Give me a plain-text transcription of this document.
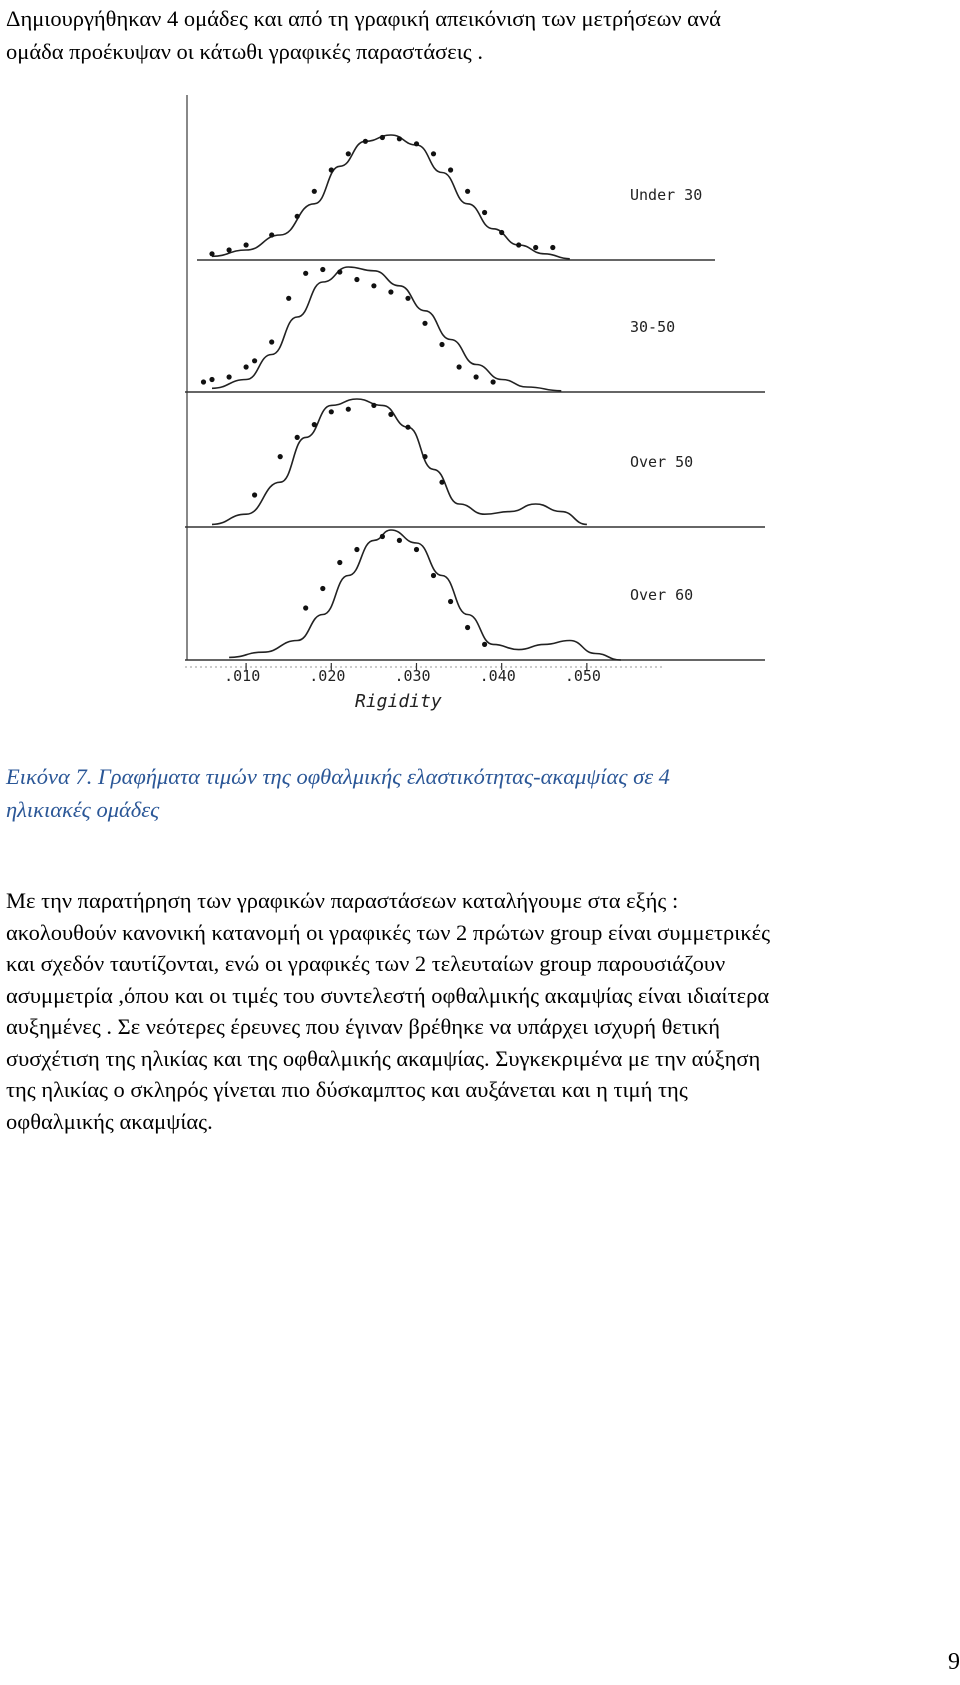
Δημιουργήθηκαν 4 ομάδες και από τη γραφική απεικόνιση των μετρήσεων ανά
ομάδα προέκυψαν οι κάτωθι γραφικές παραστάσεις .

Under 30
30-50
Over 50
Over 60
.010	.020	.030	.040	.050
Rigidity

Εικόνα 7. Γραφήματα τιμών της οφθαλμικής ελαστικότητας-ακαμψίας σε 4
ηλικιακές ομάδες

Με την παρατήρηση των γραφικών παραστάσεων καταλήγουμε στα εξής :
ακολουθούν κανονική κατανομή οι γραφικές των 2 πρώτων group είναι συμμετρικές
και σχεδόν ταυτίζονται, ενώ οι γραφικές των 2 τελευταίων group παρουσιάζουν
ασυμμετρία ,όπου και οι τιμές του συντελεστή οφθαλμικής ακαμψίας είναι ιδιαίτερα
αυξημένες . Σε νεότερες έρευνες που έγιναν βρέθηκε να υπάρχει ισχυρή θετική
συσχέτιση της ηλικίας και της οφθαλμικής ακαμψίας. Συγκεκριμένα με την αύξηση
της ηλικίας ο σκληρός γίνεται πιο δύσκαμπτος και αυξάνεται και η τιμή της
οφθαλμικής ακαμψίας.

9
